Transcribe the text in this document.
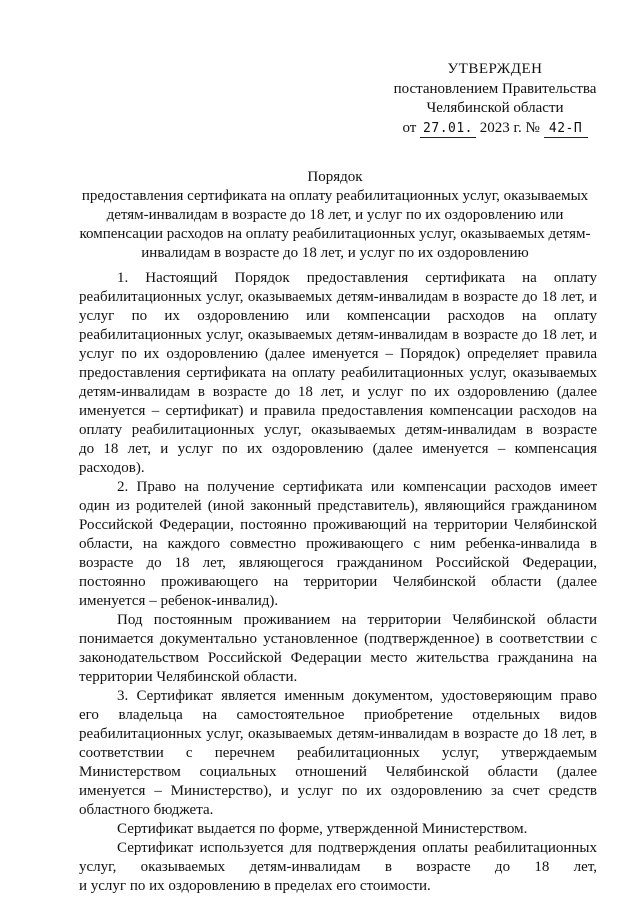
УТВЕРЖДЕН
постановлением Правительства
Челябинской области
от 27.01. 2023 г. № 42-П
Порядок
предоставления сертификата на оплату реабилитационных услуг, оказываемых
детям-инвалидам в возрасте до 18 лет, и услуг по их оздоровлению или
компенсации расходов на оплату реабилитационных услуг, оказываемых детям-
инвалидам в возрасте до 18 лет, и услуг по их оздоровлению
1. Настоящий Порядок предоставления сертификата на оплату
реабилитационных услуг, оказываемых детям-инвалидам в возрасте до 18 лет, и
услуг по их оздоровлению или компенсации расходов на оплату
реабилитационных услуг, оказываемых детям-инвалидам в возрасте до 18 лет, и
услуг по их оздоровлению (далее именуется – Порядок) определяет правила
предоставления сертификата на оплату реабилитационных услуг, оказываемых
детям-инвалидам в возрасте до 18 лет, и услуг по их оздоровлению (далее
именуется – сертификат) и правила предоставления компенсации расходов на
оплату реабилитационных услуг, оказываемых детям-инвалидам в возрасте
до 18 лет, и услуг по их оздоровлению (далее именуется – компенсация
расходов).
2. Право на получение сертификата или компенсации расходов имеет
один из родителей (иной законный представитель), являющийся гражданином
Российской Федерации, постоянно проживающий на территории Челябинской
области, на каждого совместно проживающего с ним ребенка-инвалида в
возрасте до 18 лет, являющегося гражданином Российской Федерации,
постоянно проживающего на территории Челябинской области (далее
именуется – ребенок-инвалид).
Под постоянным проживанием на территории Челябинской области
понимается документально установленное (подтвержденное) в соответствии с
законодательством Российской Федерации место жительства гражданина на
территории Челябинской области.
3. Сертификат является именным документом, удостоверяющим право
его владельца на самостоятельное приобретение отдельных видов
реабилитационных услуг, оказываемых детям-инвалидам в возрасте до 18 лет, в
соответствии с перечнем реабилитационных услуг, утверждаемым
Министерством социальных отношений Челябинской области (далее
именуется – Министерство), и услуг по их оздоровлению за счет средств
областного бюджета.
Сертификат выдается по форме, утвержденной Министерством.
Сертификат используется для подтверждения оплаты реабилитационных
услуг, оказываемых детям-инвалидам в возрасте до 18 лет,
и услуг по их оздоровлению в пределах его стоимости.
